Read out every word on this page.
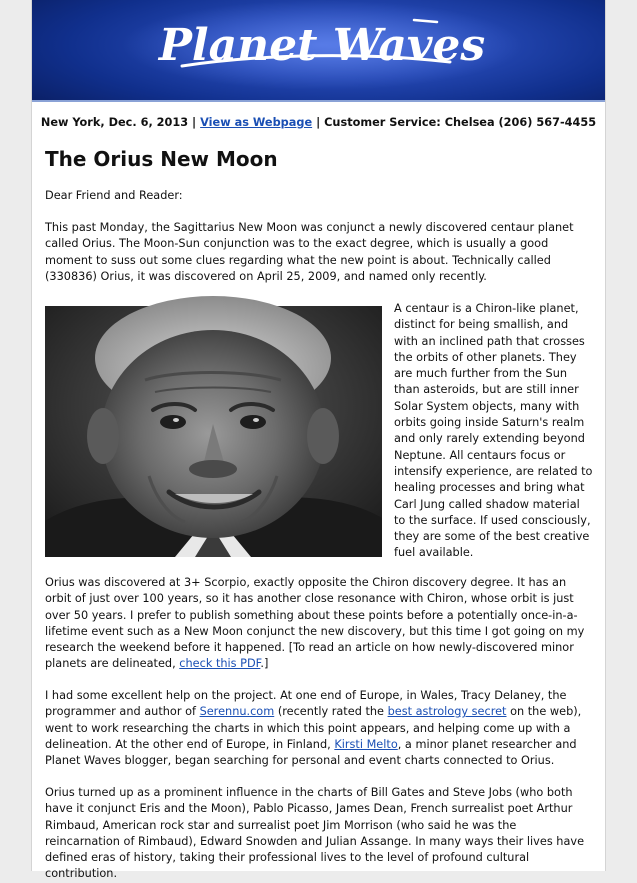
Planet Waves
New York, Dec. 6, 2013 | View as Webpage | Customer Service: Chelsea (206) 567-4455
The Orius New Moon

Dear Friend and Reader:

This past Monday, the Sagittarius New Moon was conjunct a newly discovered centaur planet called Orius. The Moon-Sun conjunction was to the exact degree, which is usually a good moment to suss out some clues regarding what the new point is about. Technically called (330836) Orius, it was discovered on April 25, 2009, and named only recently.

A centaur is a Chiron-like planet, distinct for being smallish, and with an inclined path that crosses the orbits of other planets. They are much further from the Sun than asteroids, but are still inner Solar System objects, many with orbits going inside Saturn's realm and only rarely extending beyond Neptune. All centaurs focus or intensify experience, are related to healing processes and bring what Carl Jung called shadow material to the surface. If used consciously, they are some of the best creative fuel available.

Orius was discovered at 3+ Scorpio, exactly opposite the Chiron discovery degree. It has an orbit of just over 100 years, so it has another close resonance with Chiron, whose orbit is just over 50 years. I prefer to publish something about these points before a potentially once-in-a-lifetime event such as a New Moon conjunct the new discovery, but this time I got going on my research the weekend before it happened. [To read an article on how newly-discovered minor planets are delineated, check this PDF.]

I had some excellent help on the project. At one end of Europe, in Wales, Tracy Delaney, the programmer and author of Serennu.com (recently rated the best astrology secret on the web), went to work researching the charts in which this point appears, and helping come up with a delineation. At the other end of Europe, in Finland, Kirsti Melto, a minor planet researcher and Planet Waves blogger, began searching for personal and event charts connected to Orius.

Orius turned up as a prominent influence in the charts of Bill Gates and Steve Jobs (who both have it conjunct Eris and the Moon), Pablo Picasso, James Dean, French surrealist poet Arthur Rimbaud, American rock star and surrealist poet Jim Morrison (who said he was the reincarnation of Rimbaud), Edward Snowden and Julian Assange. In many ways their lives have defined eras of history, taking their professional lives to the level of profound cultural contribution.
